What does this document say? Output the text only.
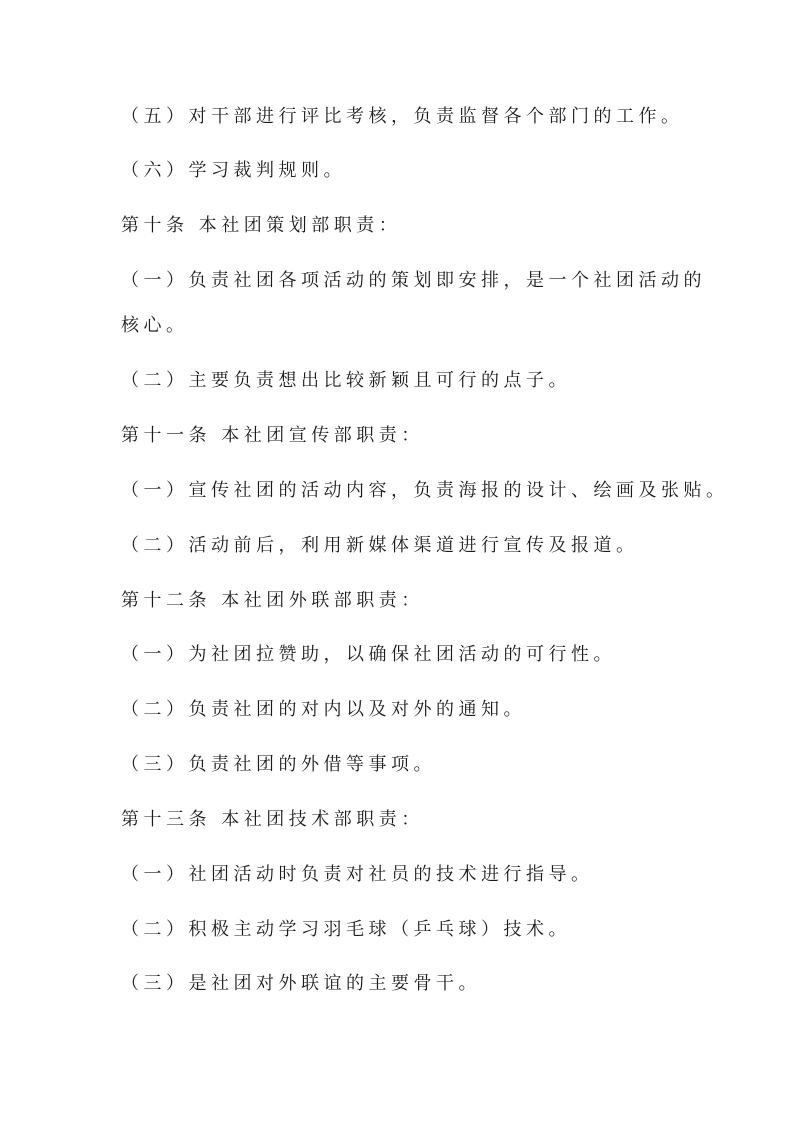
（五）对干部进行评比考核，负责监督各个部门的工作。

（六）学习裁判规则。

第十条 本社团策划部职责：

（一）负责社团各项活动的策划即安排，是一个社团活动的

核心。

（二）主要负责想出比较新颖且可行的点子。

第十一条 本社团宣传部职责：

（一）宣传社团的活动内容，负责海报的设计、绘画及张贴。

（二）活动前后，利用新媒体渠道进行宣传及报道。

第十二条 本社团外联部职责：

（一）为社团拉赞助，以确保社团活动的可行性。

（二）负责社团的对内以及对外的通知。

（三）负责社团的外借等事项。

第十三条 本社团技术部职责：

（一）社团活动时负责对社员的技术进行指导。

（二）积极主动学习羽毛球（乒乓球）技术。

（三）是社团对外联谊的主要骨干。
